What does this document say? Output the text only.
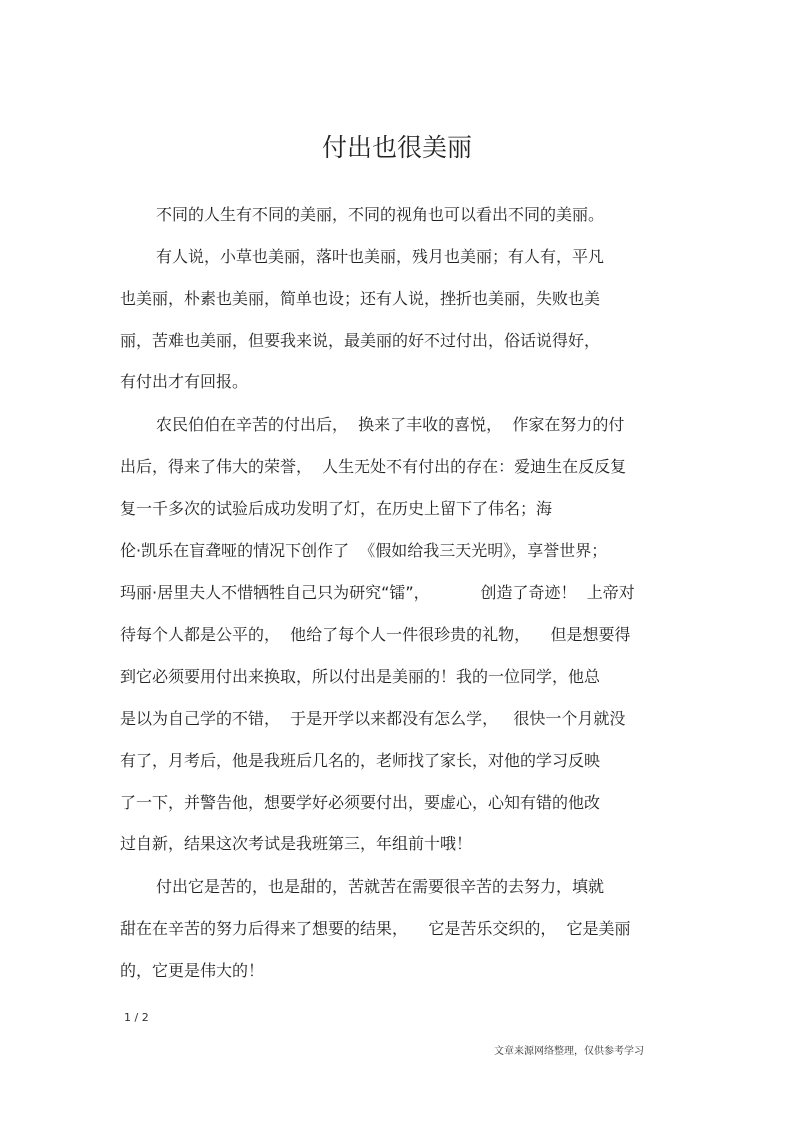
付出也很美丽
不同的人生有不同的美丽，不同的视角也可以看出不同的美丽。
有人说，小草也美丽，落叶也美丽，残月也美丽；有人有，平凡
也美丽，朴素也美丽，简单也设；还有人说，挫折也美丽，失败也美
丽，苦难也美丽，但要我来说，最美丽的好不过付出，俗话说得好，
有付出才有回报。
农民伯伯在辛苦的付出后，  换来了丰收的喜悦，  作家在努力的付
出后，得来了伟大的荣誉，  人生无处不有付出的存在：爱迪生在反反复
复一千多次的试验后成功发明了灯，在历史上留下了伟名；海
伦·凯乐在盲聋哑的情况下创作了  《假如给我三天光明》，享誉世界；
玛丽·居里夫人不惜牺牲自己只为研究“镭”，          创造了奇迹！  上帝对
待每个人都是公平的，  他给了每个人一件很珍贵的礼物，    但是想要得
到它必须要用付出来换取，所以付出是美丽的！我的一位同学，他总
是以为自己学的不错，  于是开学以来都没有怎么学，   很快一个月就没
有了，月考后，他是我班后几名的，老师找了家长，对他的学习反映
了一下，并警告他，想要学好必须要付出，要虚心，心知有错的他改
过自新，结果这次考试是我班第三，年组前十哦！
付出它是苦的，也是甜的，苦就苦在需要很辛苦的去努力，填就
甜在在辛苦的努力后得来了想要的结果，    它是苦乐交织的，  它是美丽
的，它更是伟大的！
1 / 2
文章来源网络整理，仅供参考学习
